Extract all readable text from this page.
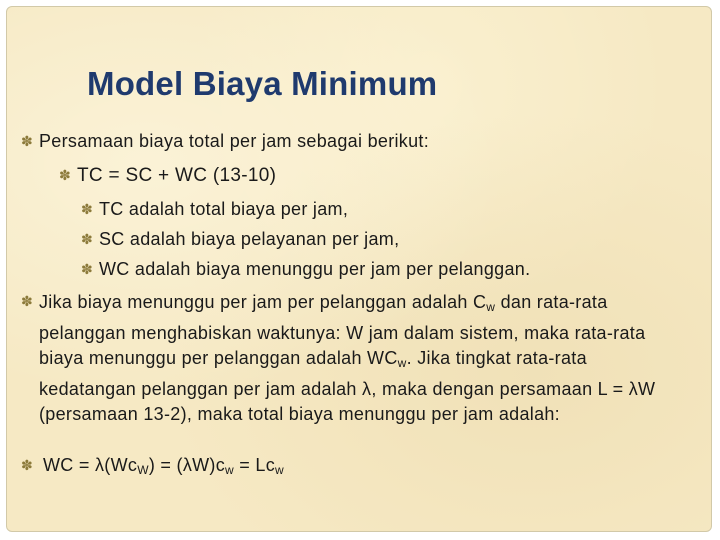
Model Biaya Minimum
✽ Persamaan biaya total per jam sebagai berikut:
✽ TC = SC + WC (13-10)
✽ TC adalah total biaya per jam,
✽ SC adalah biaya pelayanan per jam,
✽ WC adalah biaya menunggu per jam per pelanggan.
✽ Jika biaya menunggu per jam per pelanggan adalah $C_w$ dan rata-rata pelanggan menghabiskan waktunya: W jam dalam sistem, maka rata-rata biaya menunggu per pelanggan adalah $WC_w$. Jika tingkat rata-rata kedatangan pelanggan per jam adalah λ, maka dengan persamaan L = λW (persamaan 13-2), maka total biaya menunggu per jam adalah:
✽ WC = $\lambda(Wc_W) = (\lambda W)c_w = Lc_w$
